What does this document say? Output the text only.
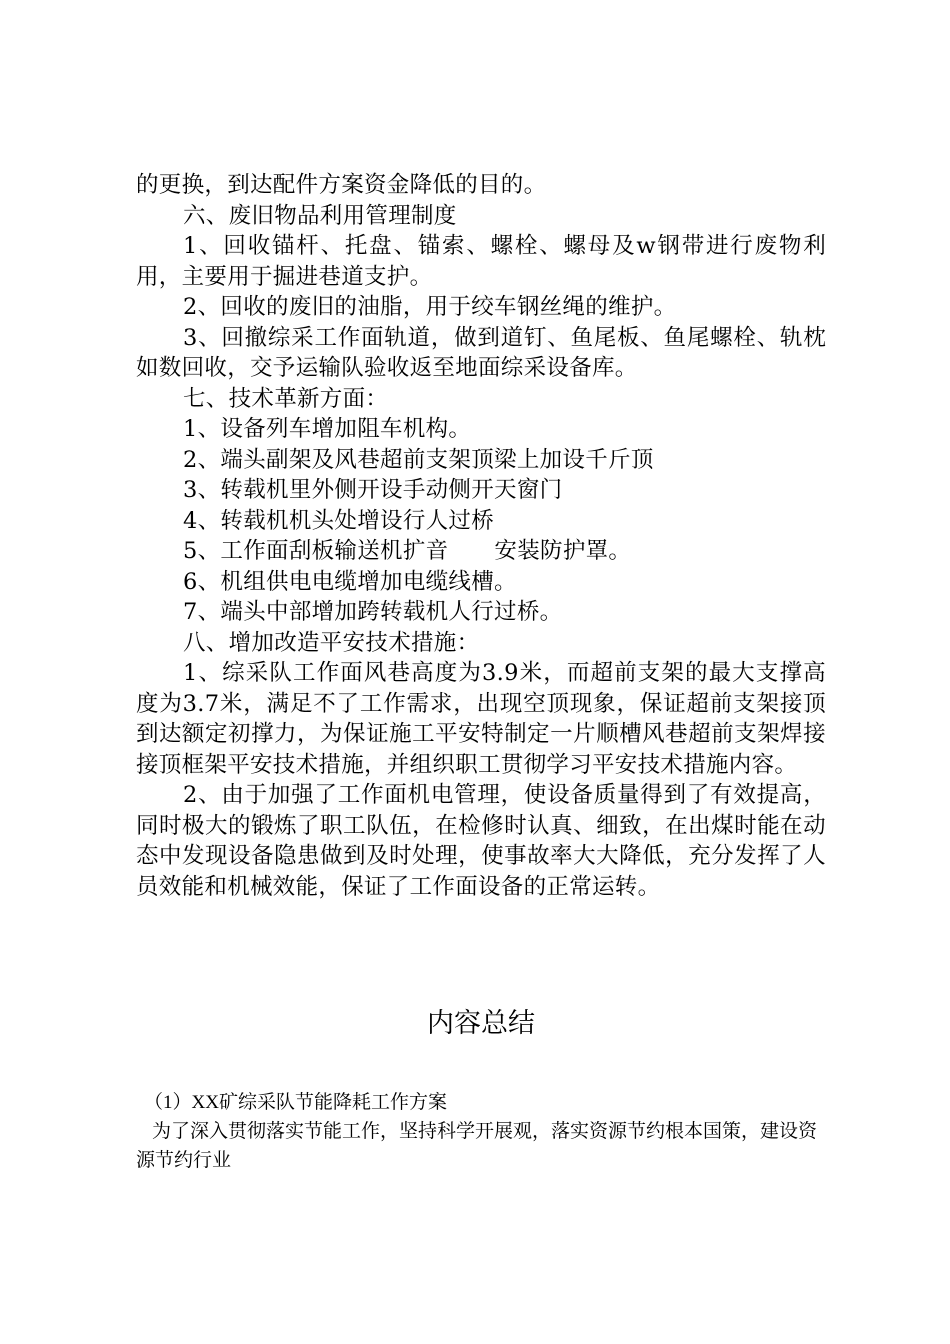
的更换，到达配件方案资金降低的目的。

六、废旧物品利用管理制度

1、回收锚杆、托盘、锚索、螺栓、螺母及w钢带进行废物利用，主要用于掘进巷道支护。

2、回收的废旧的油脂，用于绞车钢丝绳的维护。

3、回撤综采工作面轨道，做到道钉、鱼尾板、鱼尾螺栓、轨枕如数回收，交予运输队验收返至地面综采设备库。

七、技术革新方面：

1、设备列车增加阻车机构。

2、端头副架及风巷超前支架顶梁上加设千斤顶

3、转载机里外侧开设手动侧开天窗门

4、转载机机头处增设行人过桥

5、工作面刮板输送机扩音 安装防护罩。

6、机组供电电缆增加电缆线槽。

7、端头中部增加跨转载机人行过桥。

八、增加改造平安技术措施：

1、综采队工作面风巷高度为3.9米，而超前支架的最大支撑高度为3.7米，满足不了工作需求，出现空顶现象，保证超前支架接顶到达额定初撑力，为保证施工平安特制定一片顺槽风巷超前支架焊接接顶框架平安技术措施，并组织职工贯彻学习平安技术措施内容。

2、由于加强了工作面机电管理，使设备质量得到了有效提高，同时极大的锻炼了职工队伍，在检修时认真、细致，在出煤时能在动态中发现设备隐患做到及时处理，使事故率大大降低，充分发挥了人员效能和机械效能，保证了工作面设备的正常运转。

内容总结

（1）XX矿综采队节能降耗工作方案

为了深入贯彻落实节能工作，坚持科学开展观，落实资源节约根本国策，建设资源节约行业
